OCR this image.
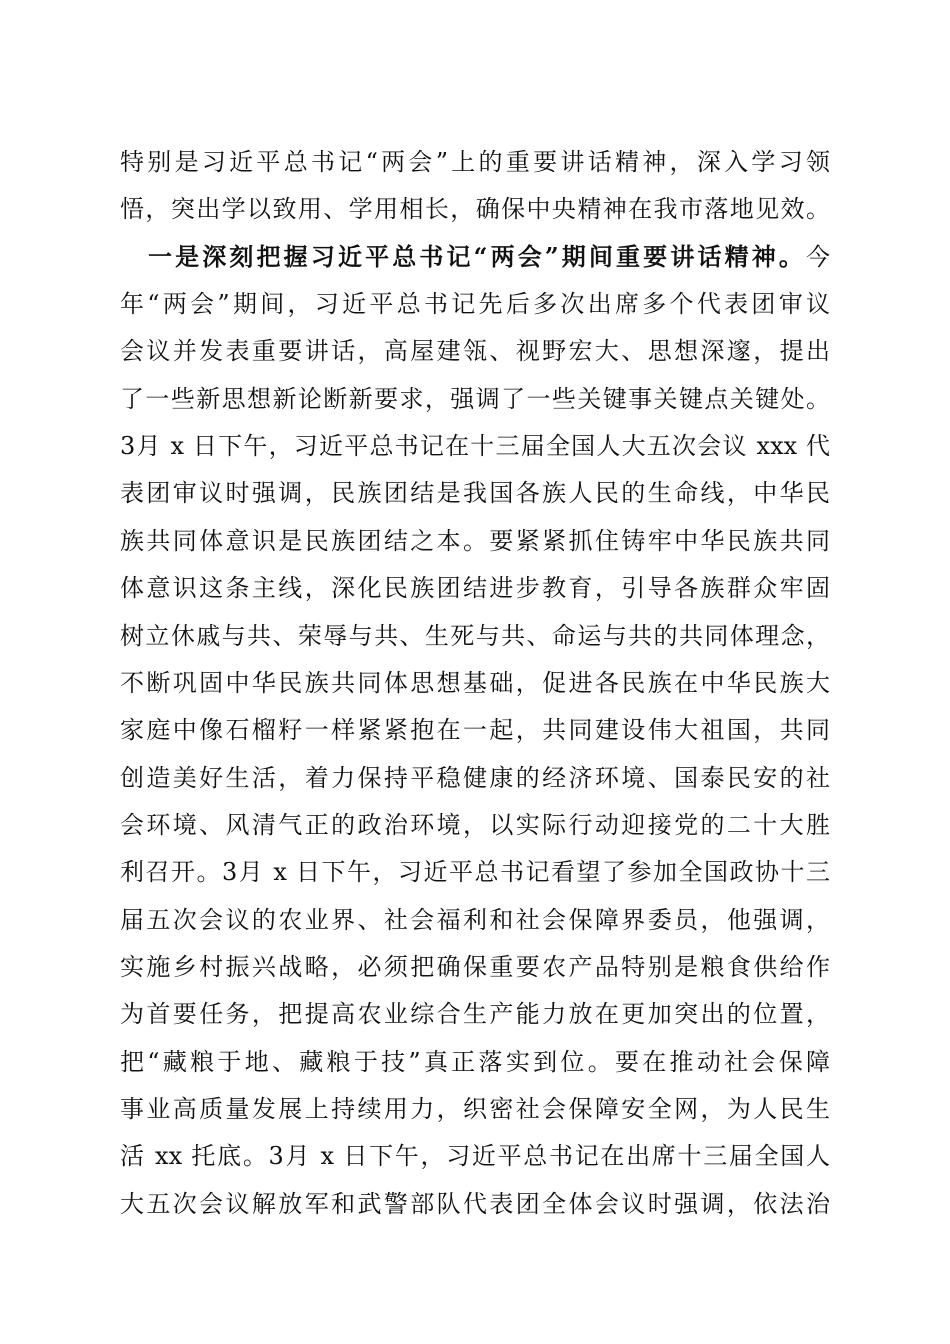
特别是习近平总书记“两会”上的重要讲话精神，深入学习领
悟，突出学以致用、学用相长，确保中央精神在我市落地见效。
一是深刻把握习近平总书记“两会”期间重要讲话精神。今
年“两会”期间，习近平总书记先后多次出席多个代表团审议
会议并发表重要讲话，高屋建瓴、视野宏大、思想深邃，提出
了一些新思想新论断新要求，强调了一些关键事关键点关键处。
3月 x 日下午，习近平总书记在十三届全国人大五次会议 xxx 代
表团审议时强调，民族团结是我国各族人民的生命线，中华民
族共同体意识是民族团结之本。要紧紧抓住铸牢中华民族共同
体意识这条主线，深化民族团结进步教育，引导各族群众牢固
树立休戚与共、荣辱与共、生死与共、命运与共的共同体理念，
不断巩固中华民族共同体思想基础，促进各民族在中华民族大
家庭中像石榴籽一样紧紧抱在一起，共同建设伟大祖国，共同
创造美好生活，着力保持平稳健康的经济环境、国泰民安的社
会环境、风清气正的政治环境，以实际行动迎接党的二十大胜
利召开。3月 x 日下午，习近平总书记看望了参加全国政协十三
届五次会议的农业界、社会福利和社会保障界委员，他强调，
实施乡村振兴战略，必须把确保重要农产品特别是粮食供给作
为首要任务，把提高农业综合生产能力放在更加突出的位置，
把“藏粮于地、藏粮于技”真正落实到位。要在推动社会保障
事业高质量发展上持续用力，织密社会保障安全网，为人民生
活 xx 托底。3月 x 日下午，习近平总书记在出席十三届全国人
大五次会议解放军和武警部队代表团全体会议时强调，依法治
